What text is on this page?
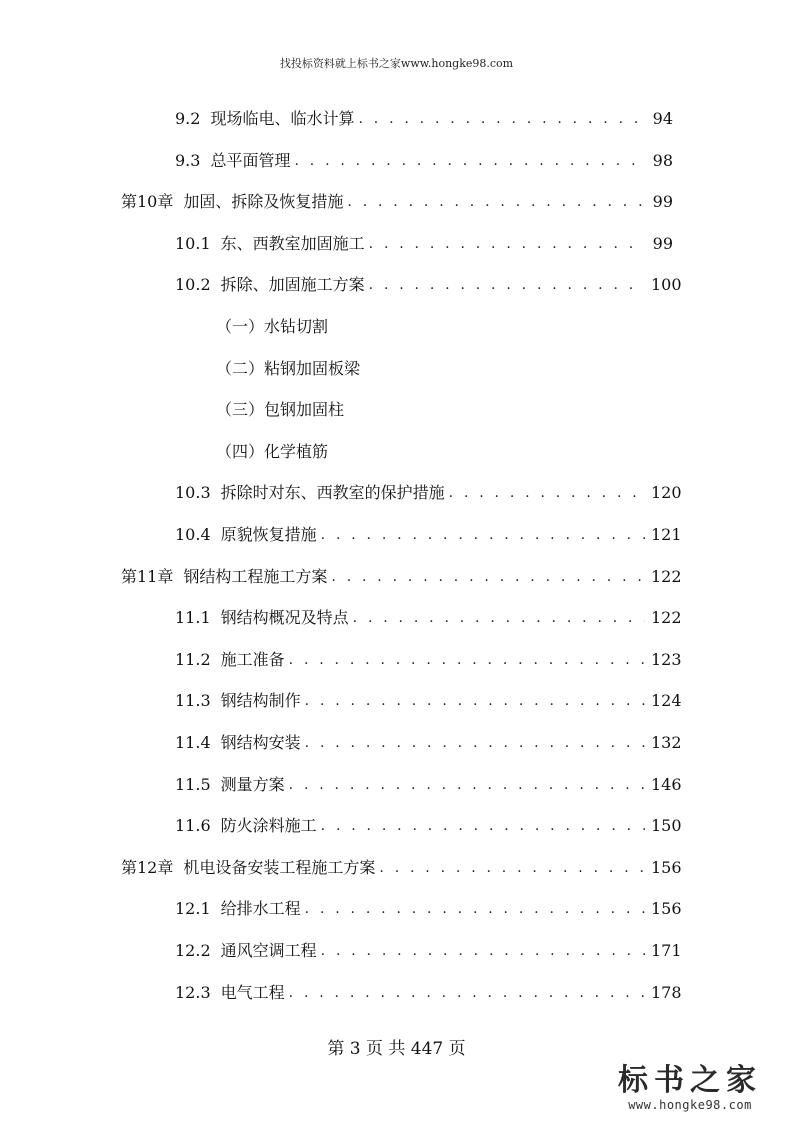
找投标资料就上标书之家www.hongke98.com
9.2 现场临电、临水计算 . . .	94
9.3 总平面管理 . . .	98
第10章 加固、拆除及恢复措施 . . .	99
10.1 东、西教室加固施工 . . .	99
10.2 拆除、加固施工方案 . . .	100
（一）水钻切割
（二）粘钢加固板梁
（三）包钢加固柱
（四）化学植筋
10.3 拆除时对东、西教室的保护措施 . . .	120
10.4 原貌恢复措施 . . .	121
第11章 钢结构工程施工方案 . . .	122
11.1 钢结构概况及特点 . . .	122
11.2 施工准备 . . .	123
11.3 钢结构制作 . . .	124
11.4 钢结构安装 . . .	132
11.5 测量方案 . . .	146
11.6 防火涂料施工 . . .	150
第12章 机电设备安装工程施工方案 . . .	156
12.1 给排水工程 . . .	156
12.2 通风空调工程 . . .	171
12.3 电气工程 . . .	178
第 3 页 共 447 页
标书之家
www.hongke98.com
